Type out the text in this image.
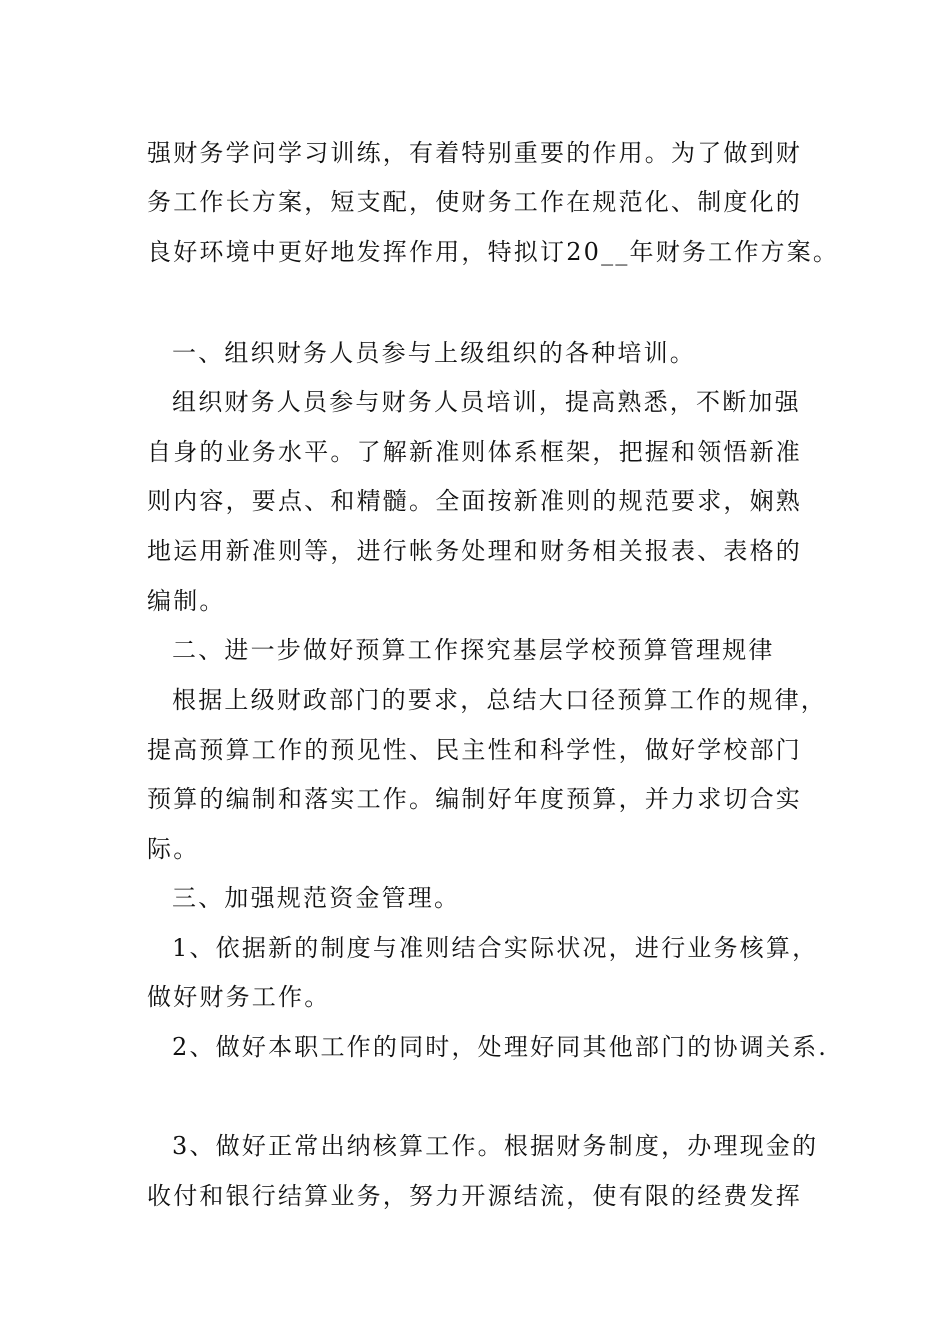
强财务学问学习训练，有着特别重要的作用。为了做到财
务工作长方案，短支配，使财务工作在规范化、制度化的
良好环境中更好地发挥作用，特拟订20__年财务工作方案。
一、组织财务人员参与上级组织的各种培训。
组织财务人员参与财务人员培训，提高熟悉，不断加强
自身的业务水平。了解新准则体系框架，把握和领悟新准
则内容，要点、和精髓。全面按新准则的规范要求，娴熟
地运用新准则等，进行帐务处理和财务相关报表、表格的
编制。
二、进一步做好预算工作探究基层学校预算管理规律
根据上级财政部门的要求，总结大口径预算工作的规律，
提高预算工作的预见性、民主性和科学性，做好学校部门
预算的编制和落实工作。编制好年度预算，并力求切合实
际。
三、加强规范资金管理。
1、依据新的制度与准则结合实际状况，进行业务核算，
做好财务工作。
2、做好本职工作的同时，处理好同其他部门的协调关系.
3、做好正常出纳核算工作。根据财务制度，办理现金的
收付和银行结算业务，努力开源结流，使有限的经费发挥
